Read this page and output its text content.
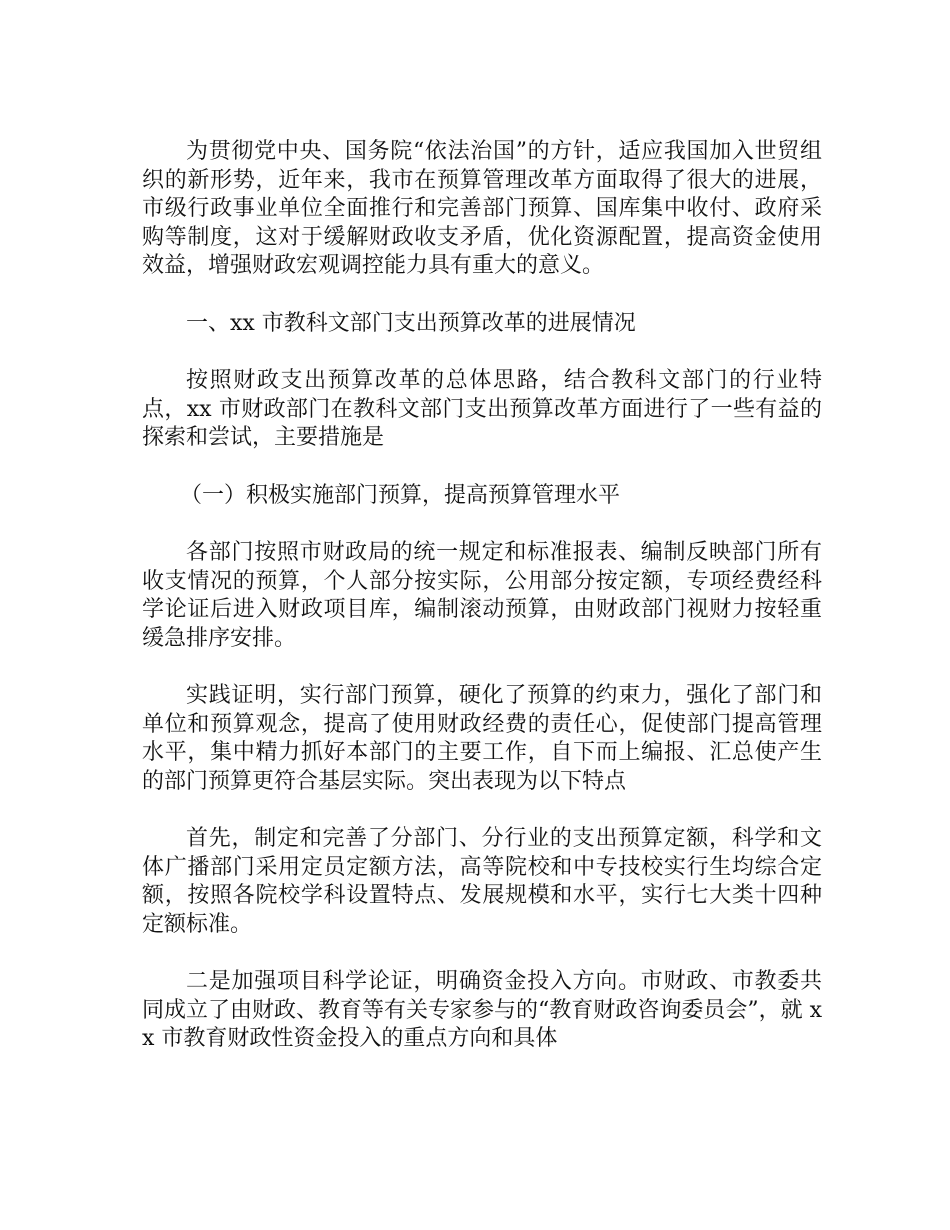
为贯彻党中央、国务院“依法治国”的方针，适应我国加入世贸组织的新形势，近年来，我市在预算管理改革方面取得了很大的进展，市级行政事业单位全面推行和完善部门预算、国库集中收付、政府采购等制度，这对于缓解财政收支矛盾，优化资源配置，提高资金使用效益，增强财政宏观调控能力具有重大的意义。

一、xx 市教科文部门支出预算改革的进展情况

按照财政支出预算改革的总体思路，结合教科文部门的行业特点，xx 市财政部门在教科文部门支出预算改革方面进行了一些有益的探索和尝试，主要措施是

（一）积极实施部门预算，提高预算管理水平

各部门按照市财政局的统一规定和标准报表、编制反映部门所有收支情况的预算，个人部分按实际，公用部分按定额，专项经费经科学论证后进入财政项目库，编制滚动预算，由财政部门视财力按轻重缓急排序安排。

实践证明，实行部门预算，硬化了预算的约束力，强化了部门和单位和预算观念，提高了使用财政经费的责任心，促使部门提高管理水平，集中精力抓好本部门的主要工作，自下而上编报、汇总使产生的部门预算更符合基层实际。突出表现为以下特点

首先，制定和完善了分部门、分行业的支出预算定额，科学和文体广播部门采用定员定额方法，高等院校和中专技校实行生均综合定额，按照各院校学科设置特点、发展规模和水平，实行七大类十四种定额标准。

二是加强项目科学论证，明确资金投入方向。市财政、市教委共同成立了由财政、教育等有关专家参与的“教育财政咨询委员会”，就 xx 市教育财政性资金投入的重点方向和具体
